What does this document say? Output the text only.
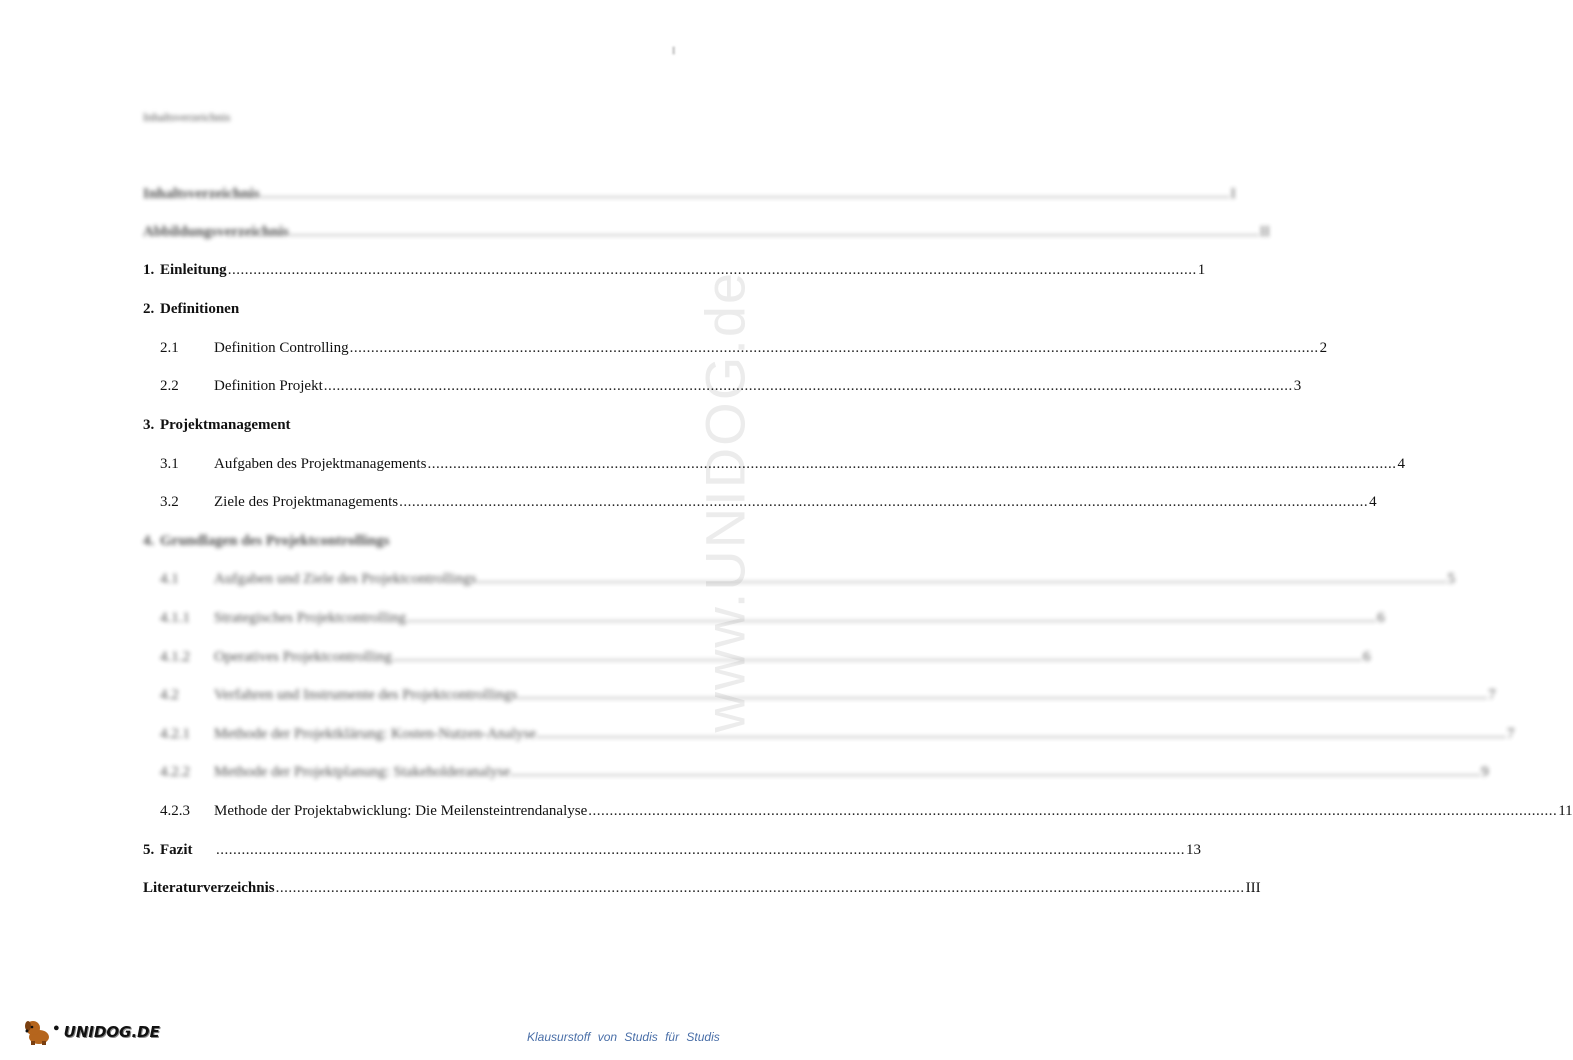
I
Inhaltsverzeichnis
www.UNIDOG.de
Inhaltsverzeichnis .....	I
Abbildungsverzeichnis .....	II
1. Einleitung .....	1
2. Definitionen
2.1	Definition Controlling .....	2
2.2	Definition Projekt .....	3
3. Projektmanagement
3.1	Aufgaben des Projektmanagements .....	4
3.2	Ziele des Projektmanagements .....	4
4. Grundlagen des Projektcontrollings
4.1	Aufgaben und Ziele des Projektcontrollings .....	5
4.1.1	Strategisches Projektcontrolling .....	6
4.1.2	Operatives Projektcontrolling .....	6
4.2	Verfahren und Instrumente des Projektcontrollings .....	7
4.2.1	Methode der Projektklärung: Kosten-Nutzen-Analyse .....	7
4.2.2	Methode der Projektplanung: Stakeholderanalyse .....	9
4.2.3	Methode der Projektabwicklung: Die Meilensteintrendanalyse .....	11
5. Fazit .....	13
Literaturverzeichnis .....	III
● UNIDOG.DE	Klausurstoff von Studis für Studis
